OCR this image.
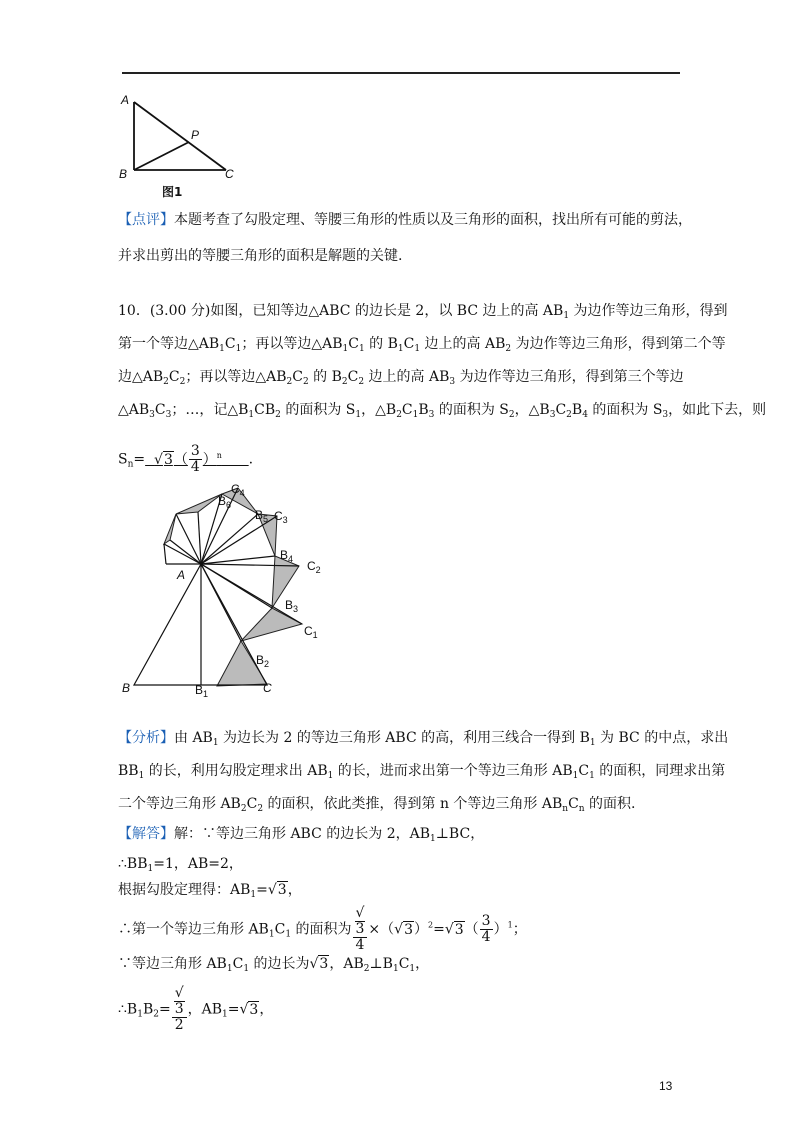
A
B	C
P
图1
【点评】本题考查了勾股定理、等腰三角形的性质以及三角形的面积，找出所有可能的剪法，
并求出剪出的等腰三角形的面积是解题的关键.
10．(3.00 分)如图，已知等边△ABC 的边长是 2，以 BC 边上的高 $AB_1$ 为边作等边三角形，得到
第一个等边$\triangle AB_1C_1$；再以等边$\triangle AB_1C_1$ 的 $B_1C_1$ 边上的高 $AB_2$ 为边作等边三角形，得到第二个等
边$\triangle AB_2C_2$；再以等边$\triangle AB_2C_2$ 的 $B_2C_2$ 边上的高 $AB_3$ 为边作等边三角形，得到第三个等边
$\triangle AB_3C_3$；…，记$\triangle B_1CB_2$ 的面积为 $S_1$，$\triangle B_2C_1B_3$ 的面积为 $S_2$，$\triangle B_3C_2B_4$ 的面积为 $S_3$，如此下去，则
$S_n= √3( \frac{3}{4} )^n$ .
A
B	C
$B_1$
$B_2$
$B_3$
$B_4$
$B_5$
$B_6$
$C_1$
$C_2$
$C_3$
$C_4$
【分析】由 $AB_1$ 为边长为 2 的等边三角形 ABC 的高，利用三线合一得到 $B_1$ 为 BC 的中点，求出
$BB_1$ 的长，利用勾股定理求出 $AB_1$ 的长，进而求出第一个等边三角形 $AB_1C_1$ 的面积，同理求出第
二个等边三角形 $AB_2C_2$ 的面积，依此类推，得到第 n 个等边三角形 $AB_nC_n$ 的面积.
【解答】解：∵等边三角形 ABC 的边长为 2，$AB_1\perp BC$，
$\therefore BB_1=1$，AB=2，
根据勾股定理得：$AB_1=√3$，
∴第一个等边三角形 $AB_1C_1$ 的面积为 √
3
$4 \times(√3)^2=√3( \frac{3}{4} )^1$；
∵等边三角形 $AB_1C_1$ 的边长为√3，$AB_2\perp B_1C_1$，
$\therefore B_1B_2=$ √
3
2 ，$AB_1=√3$，
13
